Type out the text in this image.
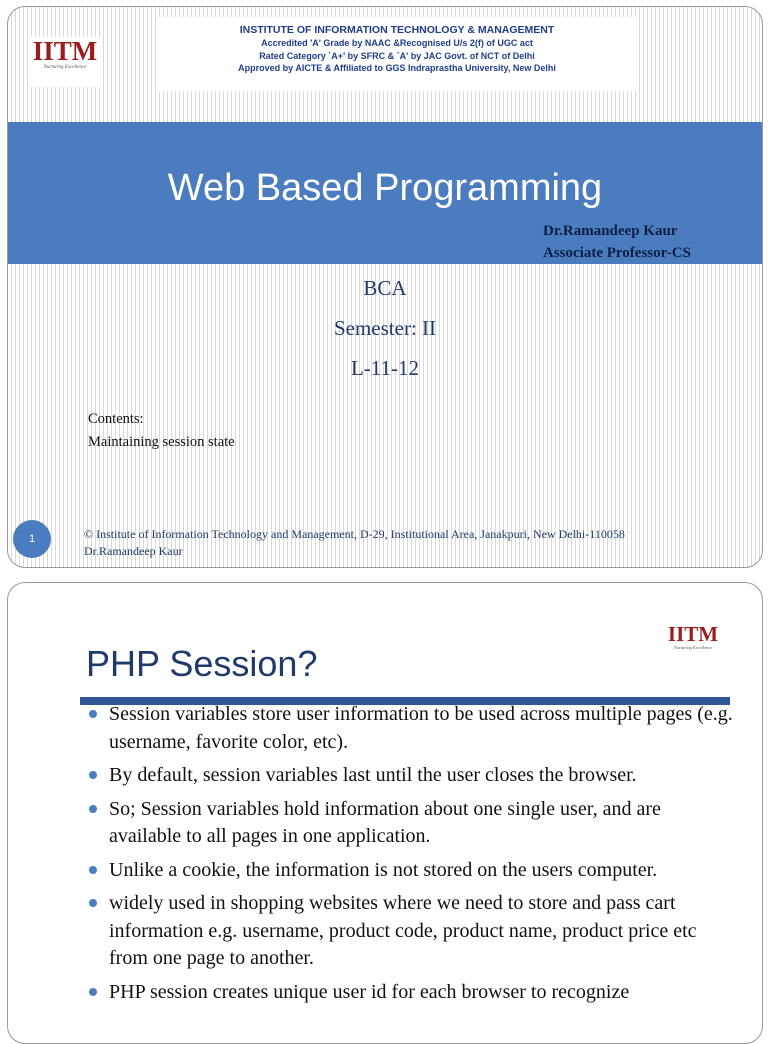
IITM
Nurturing Excellence
INSTITUTE OF INFORMATION TECHNOLOGY & MANAGEMENT
Accredited 'A' Grade by NAAC &Recognised U/s 2(f) of UGC act
Rated Category `A+' by SFRC & `A' by JAC Govt. of NCT of Delhi
Approved by AICTE & Affiliated to GGS Indraprastha University, New Delhi
Web Based Programming
Dr.Ramandeep Kaur
Associate Professor-CS
BCA
Semester: II
L-11-12
Contents:
Maintaining session state
1	© Institute of Information Technology and Management, D-29, Institutional Area, Janakpuri, New Delhi-110058
Dr.Ramandeep Kaur
IITM
Nurturing Excellence
PHP Session?
Session variables store user information to be used across multiple pages (e.g. username, favorite color, etc).
By default, session variables last until the user closes the browser.
So; Session variables hold information about one single user, and are available to all pages in one application.
Unlike a cookie, the information is not stored on the users computer.
widely used in shopping websites where we need to store and pass cart information e.g. username, product code, product name, product price etc from one page to another.
PHP session creates unique user id for each browser to recognize
